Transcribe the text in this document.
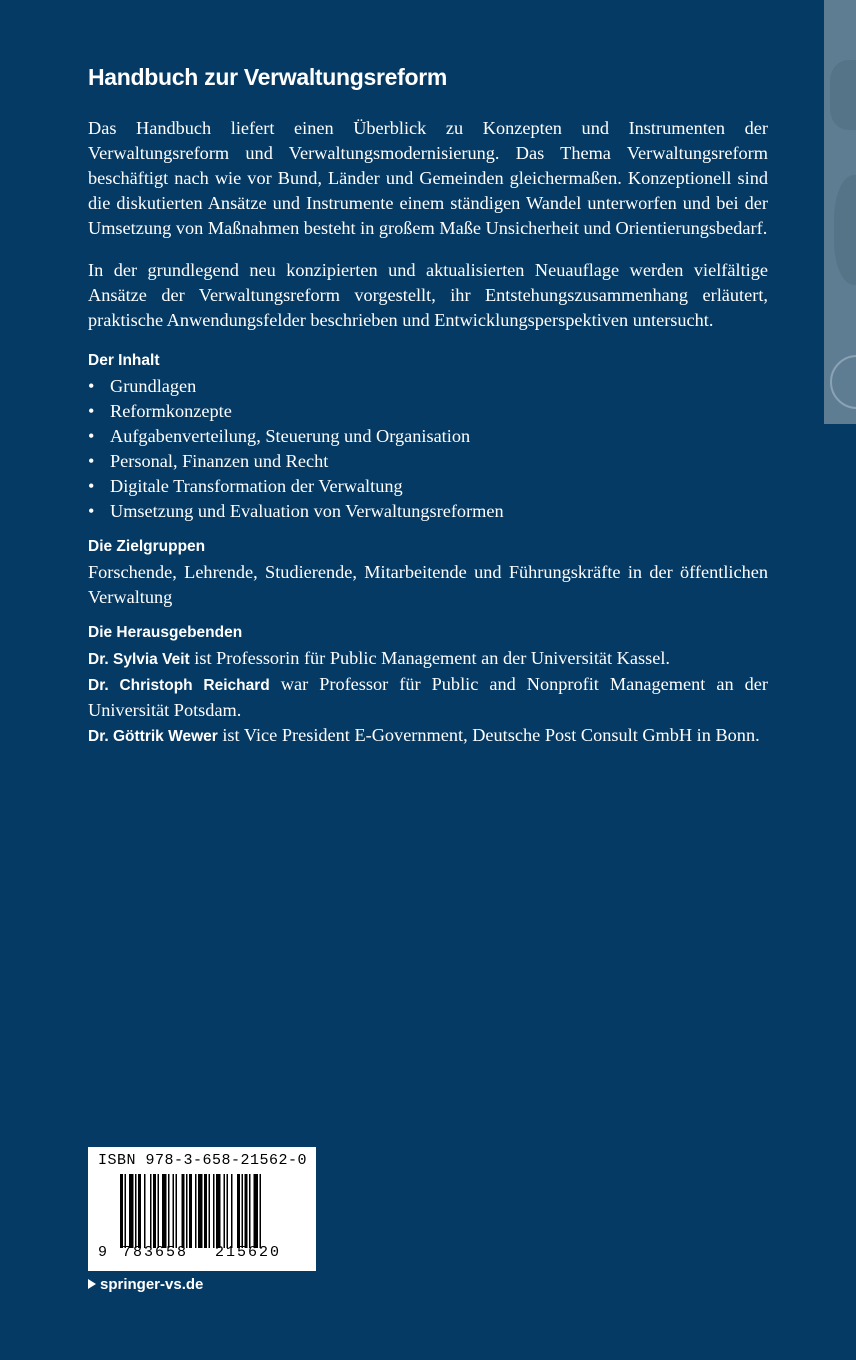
Handbuch zur Verwaltungsreform

Das Handbuch liefert einen Überblick zu Konzepten und Instrumenten der Verwaltungsreform und Verwaltungsmodernisierung. Das Thema Verwaltungsreform beschäftigt nach wie vor Bund, Länder und Gemeinden gleichermaßen. Konzeptionell sind die diskutierten Ansätze und Instrumente einem ständigen Wandel unterworfen und bei der Umsetzung von Maßnahmen besteht in großem Maße Unsicherheit und Orientierungsbedarf.

In der grundlegend neu konzipierten und aktualisierten Neuauflage werden vielfältige Ansätze der Verwaltungsreform vorgestellt, ihr Entstehungszusammenhang erläutert, praktische Anwendungsfelder beschrieben und Entwicklungsperspektiven untersucht.

Der Inhalt
• Grundlagen
• Reformkonzepte
• Aufgabenverteilung, Steuerung und Organisation
• Personal, Finanzen und Recht
• Digitale Transformation der Verwaltung
• Umsetzung und Evaluation von Verwaltungsreformen
Die Zielgruppen

Forschende, Lehrende, Studierende, Mitarbeitende und Führungskräfte in der öffentlichen Verwaltung

Die Herausgebenden

Dr. Sylvia Veit ist Professorin für Public Management an der Universität Kassel.

Dr. Christoph Reichard war Professor für Public and Nonprofit Management an der Universität Potsdam.

Dr. Göttrik Wewer ist Vice President E-Government, Deutsche Post Consult GmbH in Bonn.

ISBN 978-3-658-21562-0
9 783658 215620
springer-vs.de
